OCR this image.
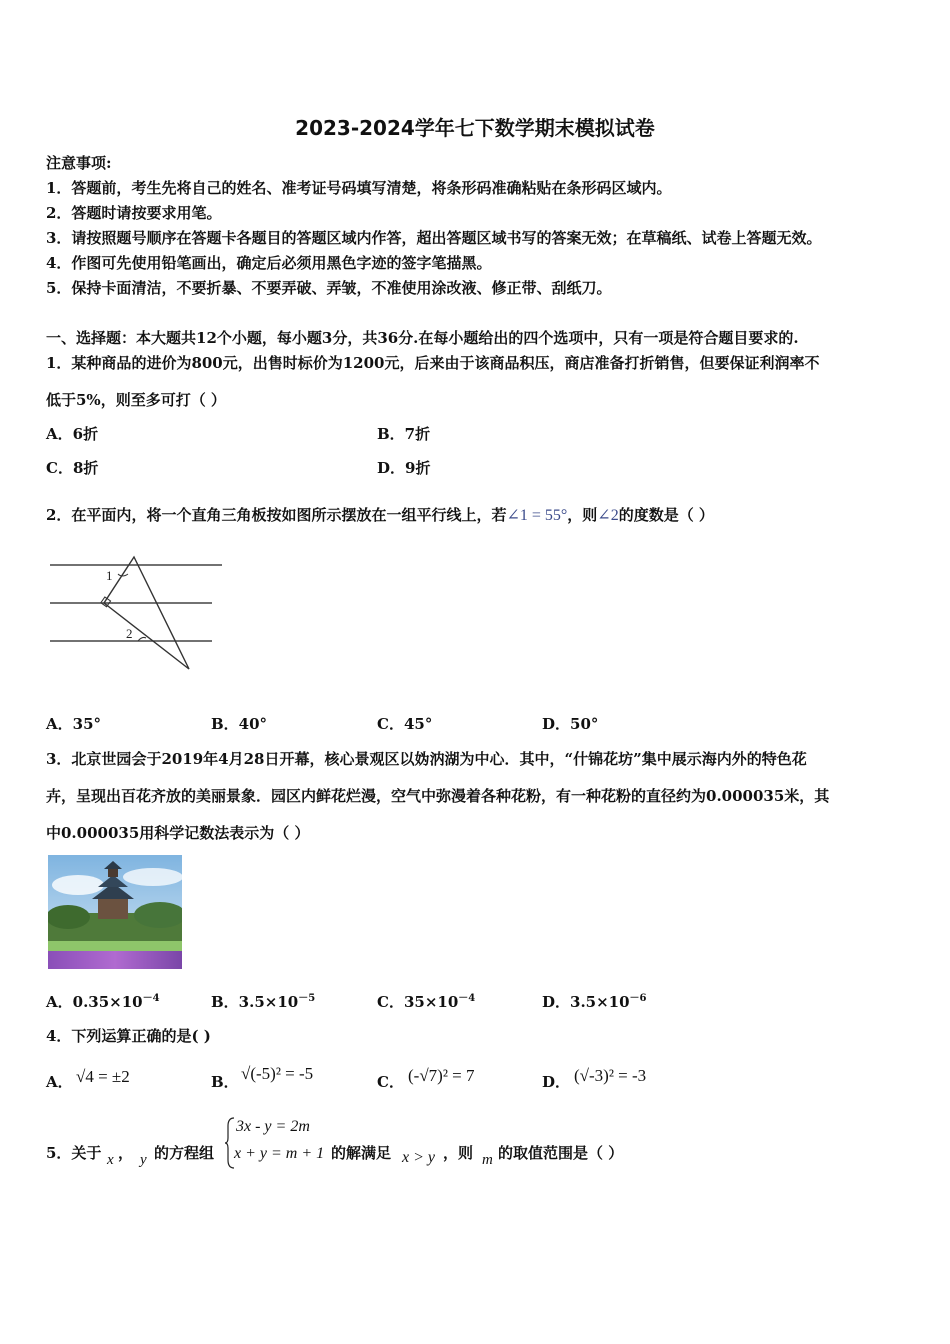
2023-2024学年七下数学期末模拟试卷
注意事项:
1．答题前，考生先将自己的姓名、准考证号码填写清楚，将条形码准确粘贴在条形码区域内。
2．答题时请按要求用笔。
3．请按照题号顺序在答题卡各题目的答题区域内作答，超出答题区域书写的答案无效；在草稿纸、试卷上答题无效。
4．作图可先使用铅笔画出，确定后必须用黑色字迹的签字笔描黑。
5．保持卡面清洁，不要折暴、不要弄破、弄皱，不准使用涂改液、修正带、刮纸刀。
一、选择题：本大题共12个小题，每小题3分，共36分.在每小题给出的四个选项中，只有一项是符合题目要求的.
1．某种商品的进价为800元，出售时标价为1200元，后来由于该商品积压，商店准备打折销售，但要保证利润率不
低于5%，则至多可打（ ）
A．6折	B．7折
C．8折	D．9折
2．在平面内，将一个直角三角板按如图所示摆放在一组平行线上，若∠1 = 55°，则∠2的度数是（ ）
1
2
A．35°	B．40°	C．45°	D．50°
3．北京世园会于2019年4月28日开幕，核心景观区以妫汭湖为中心．其中，“什锦花坊”集中展示海内外的特色花
卉，呈现出百花齐放的美丽景象．园区内鲜花烂漫，空气中弥漫着各种花粉，有一种花粉的直径约为0.000035米，其
中0.000035用科学记数法表示为（ ）
A．$0.35\times 10^{-4}$	B．$3.5\times 10^{-5}$	C．$35\times 10^{-4}$	D．$3.5\times 10^{-6}$
4．下列运算正确的是( )
A． √4 = ±2	B． √(-5)² = -5	C． (-√7)² = 7	D． (√-3)² = -3
5．关于 x ， y 的方程组
3x - y = 2m
x + y = m + 1 的解满足 x > y ，则 m 的取值范围是（ ）
